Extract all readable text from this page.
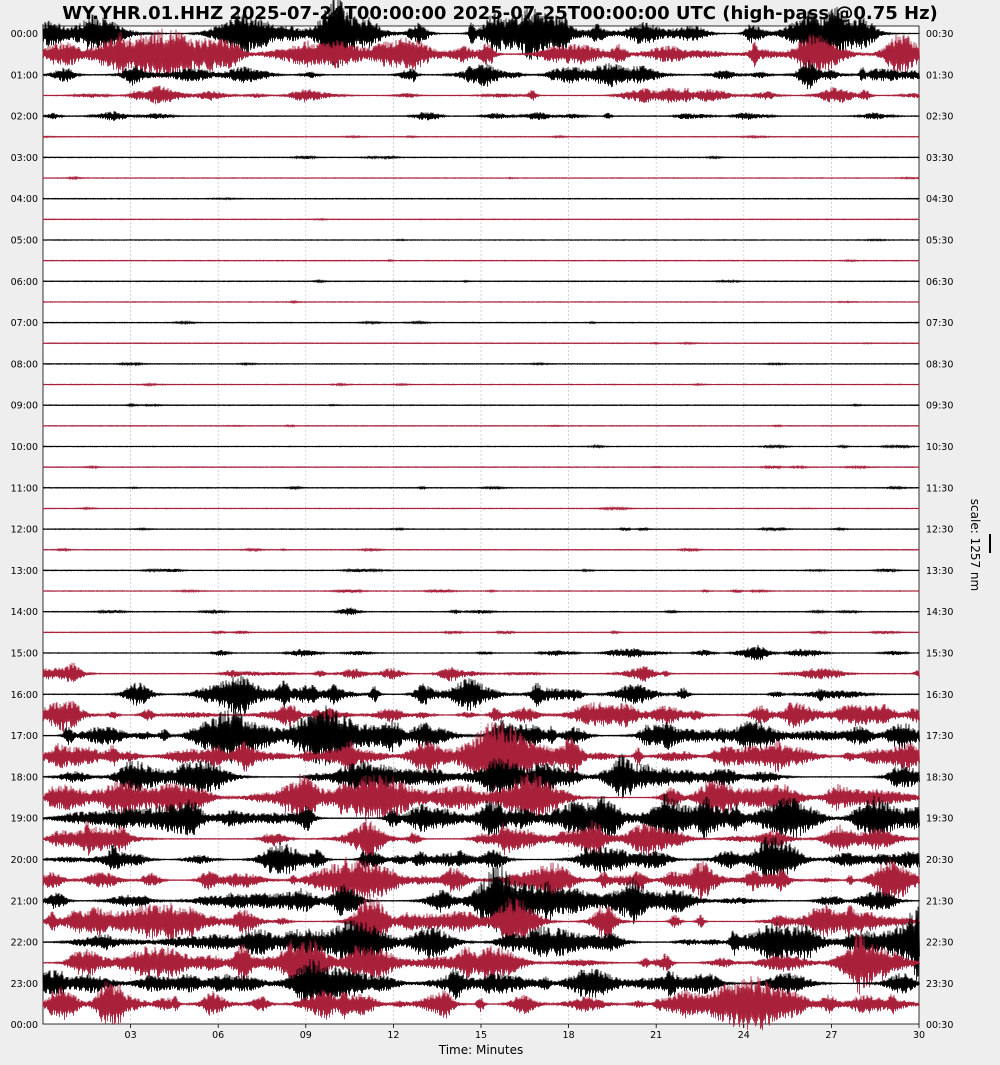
WY.YHR.01.HHZ 2025-07-24T00:00:00 2025-07-25T00:00:00 UTC (high-pass @0.75 Hz)
00:00
01:00
02:00
03:00
04:00
05:00
06:00
07:00
08:00
09:00
10:00
11:00
12:00
13:00
14:00
15:00
16:00
17:00
18:00
19:00
20:00
21:00
22:00
23:00
00:00
00:30
01:30
02:30
03:30
04:30
05:30
06:30
07:30
08:30
09:30
10:30
11:30
12:30
13:30
14:30
15:30
16:30
17:30
18:30
19:30
20:30
21:30
22:30
23:30
00:30
03	06	09	12	15	18	21	24	27	30
Time: Minutes
scale: 1257 nm
